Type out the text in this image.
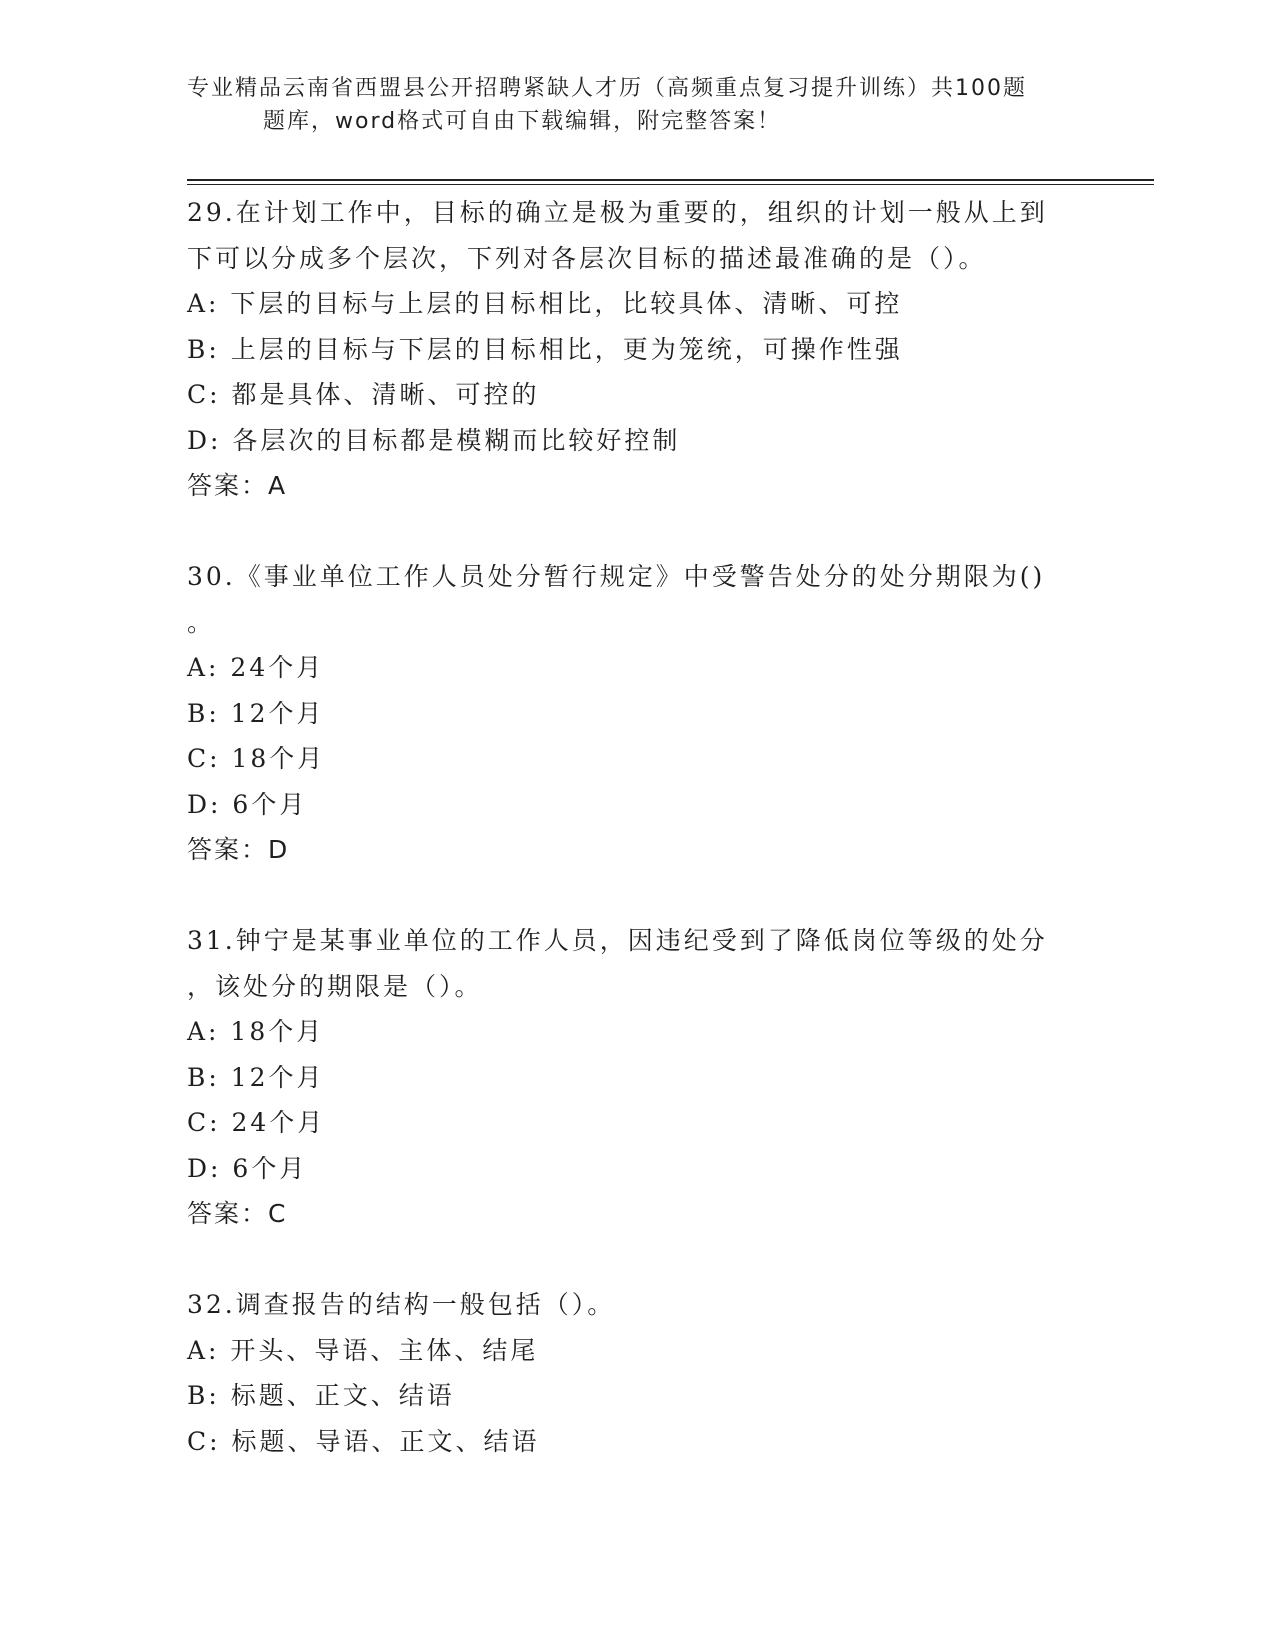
专业精品云南省西盟县公开招聘紧缺人才历（高频重点复习提升训练）共100题
题库，word格式可自由下载编辑，附完整答案！

29.在计划工作中，目标的确立是极为重要的，组织的计划一般从上到

下可以分成多个层次，下列对各层次目标的描述最准确的是（）。

A: 下层的目标与上层的目标相比，比较具体、清晰、可控

B: 上层的目标与下层的目标相比，更为笼统，可操作性强

C: 都是具体、清晰、可控的

D: 各层次的目标都是模糊而比较好控制

答案：A

30.《事业单位工作人员处分暂行规定》中受警告处分的处分期限为()

。

A: 24个月

B: 12个月

C: 18个月

D: 6个月

答案：D

31.钟宁是某事业单位的工作人员，因违纪受到了降低岗位等级的处分

，该处分的期限是（）。

A: 18个月

B: 12个月

C: 24个月

D: 6个月

答案：C

32.调查报告的结构一般包括（）。

A: 开头、导语、主体、结尾

B: 标题、正文、结语

C: 标题、导语、正文、结语
